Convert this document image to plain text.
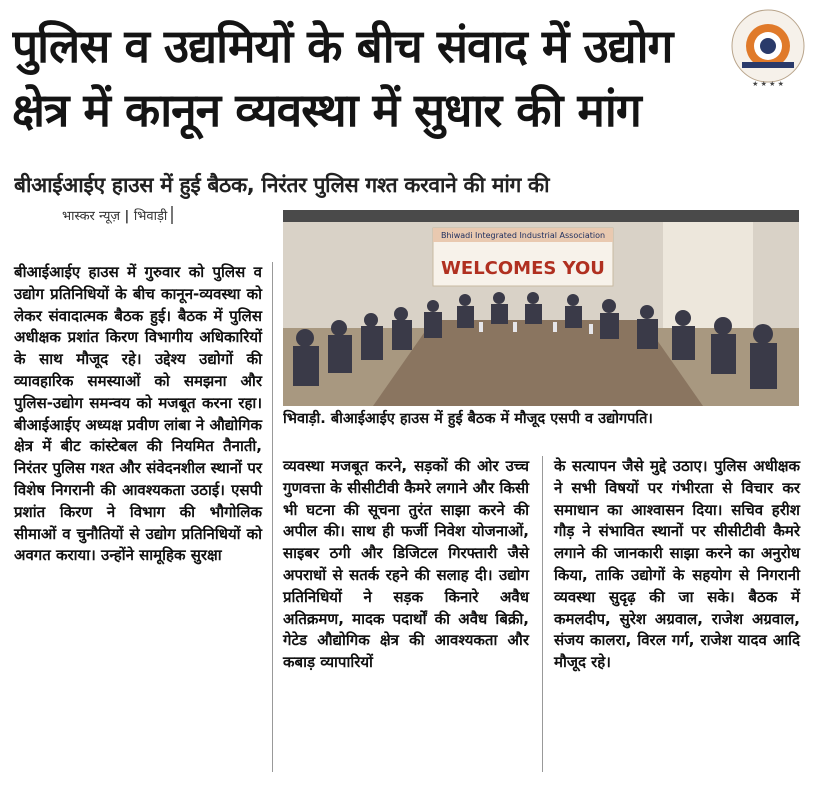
पुलिस व उद्यमियों के बीच संवाद में उद्योग
क्षेत्र में कानून व्यवस्था में सुधार की मांग	★ ★ ★ ★
बीआईआईए हाउस में हुई बैठक, निरंतर पुलिस गश्त करवाने की मांग की
भास्कर न्यूज़ | भिवाड़ी
Bhiwadi Integrated Industrial Association
WELCOMES YOU
भिवाड़ी. बीआईआईए हाउस में हुई बैठक में मौजूद एसपी व उद्योगपति।
बीआईआईए हाउस में गुरुवार को पुलिस व उद्योग प्रतिनिधियों के बीच कानून-व्यवस्था को लेकर संवादात्मक बैठक हुई। बैठक में पुलिस अधीक्षक प्रशांत किरण विभागीय अधिकारियों के साथ मौजूद रहे। उद्देश्य उद्योगों की व्यावहारिक समस्याओं को समझना और पुलिस-उद्योग समन्वय को मजबूत करना रहा। बीआईआईए अध्यक्ष प्रवीण लांबा ने औद्योगिक क्षेत्र में बीट कांस्टेबल की नियमित तैनाती, निरंतर पुलिस गश्त और संवेदनशील स्थानों पर विशेष निगरानी की आवश्यकता उठाई। एसपी प्रशांत किरण ने विभाग की भौगोलिक सीमाओं व चुनौतियों से उद्योग प्रतिनिधियों को अवगत कराया। उन्होंने सामूहिक सुरक्षा
व्यवस्था मजबूत करने, सड़कों की ओर उच्च गुणवत्ता के सीसीटीवी कैमरे लगाने और किसी भी घटना की सूचना तुरंत साझा करने की अपील की। साथ ही फर्जी निवेश योजनाओं, साइबर ठगी और डिजिटल गिरफ्तारी जैसे अपराधों से सतर्क रहने की सलाह दी। उद्योग प्रतिनिधियों ने सड़क किनारे अवैध अतिक्रमण, मादक पदार्थों की अवैध बिक्री, गेटेड औद्योगिक क्षेत्र की आवश्यकता और कबाड़ व्यापारियों
के सत्यापन जैसे मुद्दे उठाए। पुलिस अधीक्षक ने सभी विषयों पर गंभीरता से विचार कर समाधान का आश्वासन दिया। सचिव हरीश गौड़ ने संभावित स्थानों पर सीसीटीवी कैमरे लगाने की जानकारी साझा करने का अनुरोध किया, ताकि उद्योगों के सहयोग से निगरानी व्यवस्था सुदृढ़ की जा सके। बैठक में कमलदीप, सुरेश अग्रवाल, राजेश अग्रवाल, संजय कालरा, विरल गर्ग, राजेश यादव आदि मौजूद रहे।
